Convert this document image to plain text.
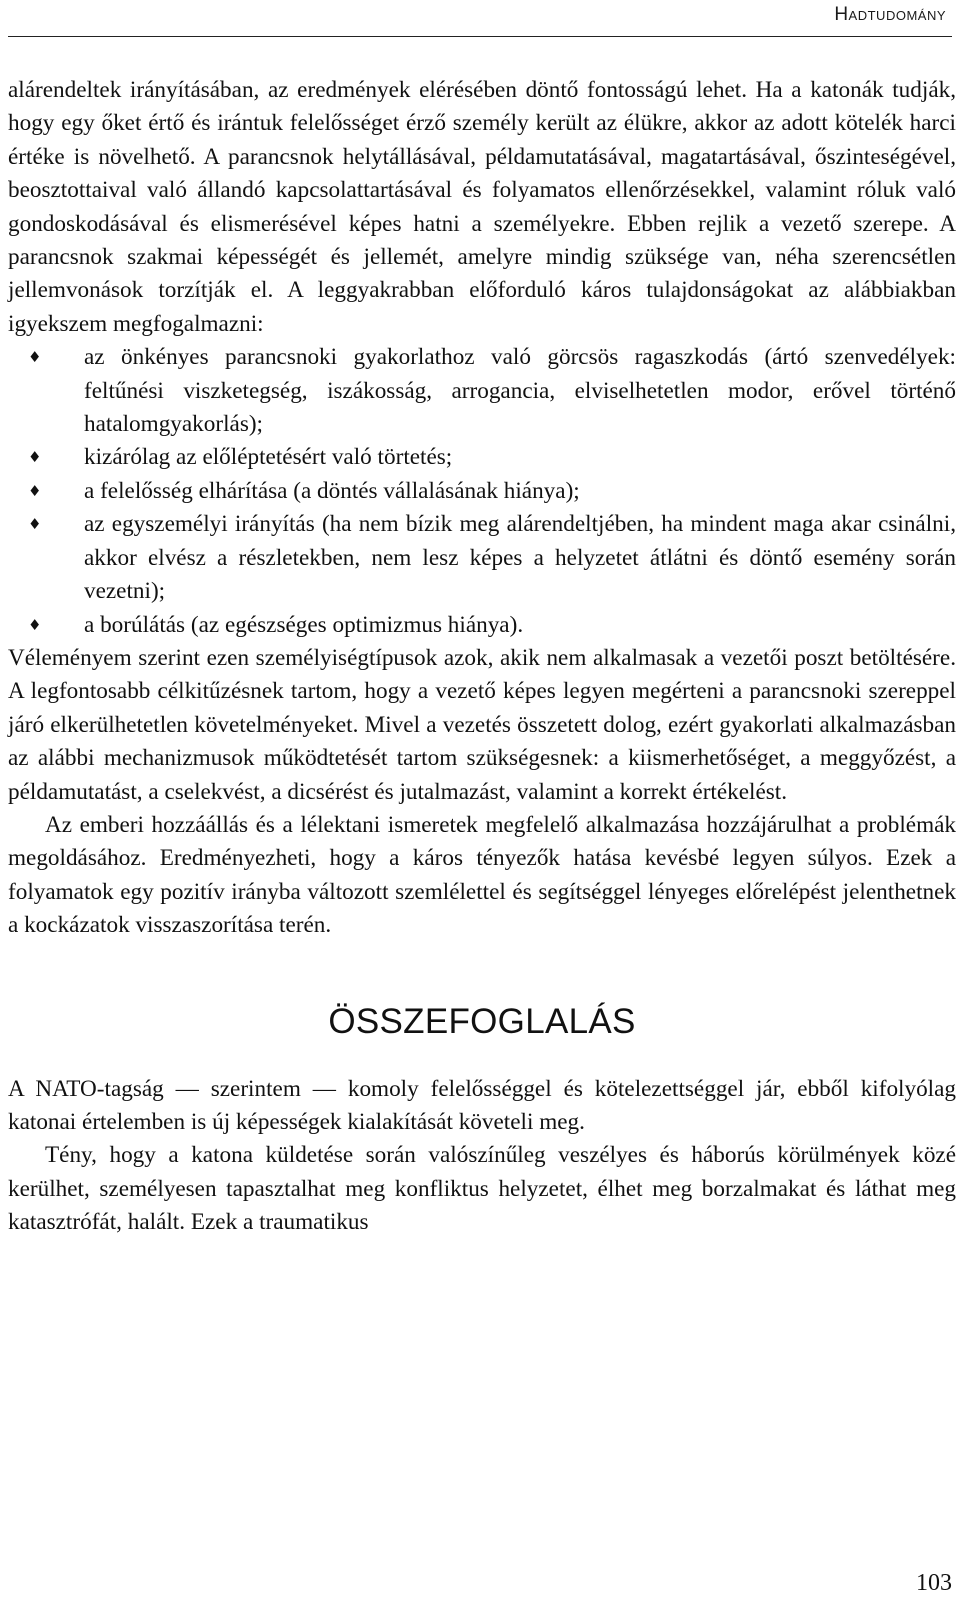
Hadtudomány

alárendeltek irányításában, az eredmények elérésében döntő fontosságú lehet. Ha a katonák tudják, hogy egy őket értő és irántuk felelősséget érző személy került az élükre, akkor az adott kötelék harci értéke is növelhető. A parancsnok helytállásával, példamutatásával, magatartásával, őszinteségével, beosztottaival való állandó kapcsolattartásával és folyamatos ellenőrzésekkel, valamint róluk való gondoskodásával és elismerésével képes hatni a személyekre. Ebben rejlik a vezető szerepe. A parancsnok szakmai képességét és jellemét, amelyre mindig szüksége van, néha szerencsétlen jellemvonások torzítják el. A leggyakrabban előforduló káros tulajdonságokat az alábbiakban igyekszem megfogalmazni:

♦ az önkényes parancsnoki gyakorlathoz való görcsös ragaszkodás (ártó szenvedélyek: feltűnési viszketegség, iszákosság, arrogancia, elviselhetetlen modor, erővel történő hatalomgyakorlás);
♦ kizárólag az előléptetésért való törtetés;
♦ a felelősség elhárítása (a döntés vállalásának hiánya);
♦ az egyszemélyi irányítás (ha nem bízik meg alárendeltjében, ha mindent maga akar csinálni, akkor elvész a részletekben, nem lesz képes a helyzetet átlátni és döntő esemény során vezetni);
♦ a borúlátás (az egészséges optimizmus hiánya).

Véleményem szerint ezen személyiségtípusok azok, akik nem alkalmasak a vezetői poszt betöltésére. A legfontosabb célkitűzésnek tartom, hogy a vezető képes legyen megérteni a parancsnoki szereppel járó elkerülhetetlen követelményeket. Mivel a vezetés összetett dolog, ezért gyakorlati alkalmazásban az alábbi mechanizmusok működtetését tartom szükségesnek: a kiismerhetőséget, a meggyőzést, a példamutatást, a cselekvést, a dicsérést és jutalmazást, valamint a korrekt értékelést.

Az emberi hozzáállás és a lélektani ismeretek megfelelő alkalmazása hozzájárulhat a problémák megoldásához. Eredményezheti, hogy a káros tényezők hatása kevésbé legyen súlyos. Ezek a folyamatok egy pozitív irányba változott szemlélettel és segítséggel lényeges előrelépést jelenthetnek a kockázatok visszaszorítása terén.

ÖSSZEFOGLALÁS

A NATO-tagság — szerintem — komoly felelősséggel és kötelezettséggel jár, ebből kifolyólag katonai értelemben is új képességek kialakítását követeli meg.

Tény, hogy a katona küldetése során valószínűleg veszélyes és háborús körülmények közé kerülhet, személyesen tapasztalhat meg konfliktus helyzetet, élhet meg borzalmakat és láthat meg katasztrófát, halált. Ezek a traumatikus

103
